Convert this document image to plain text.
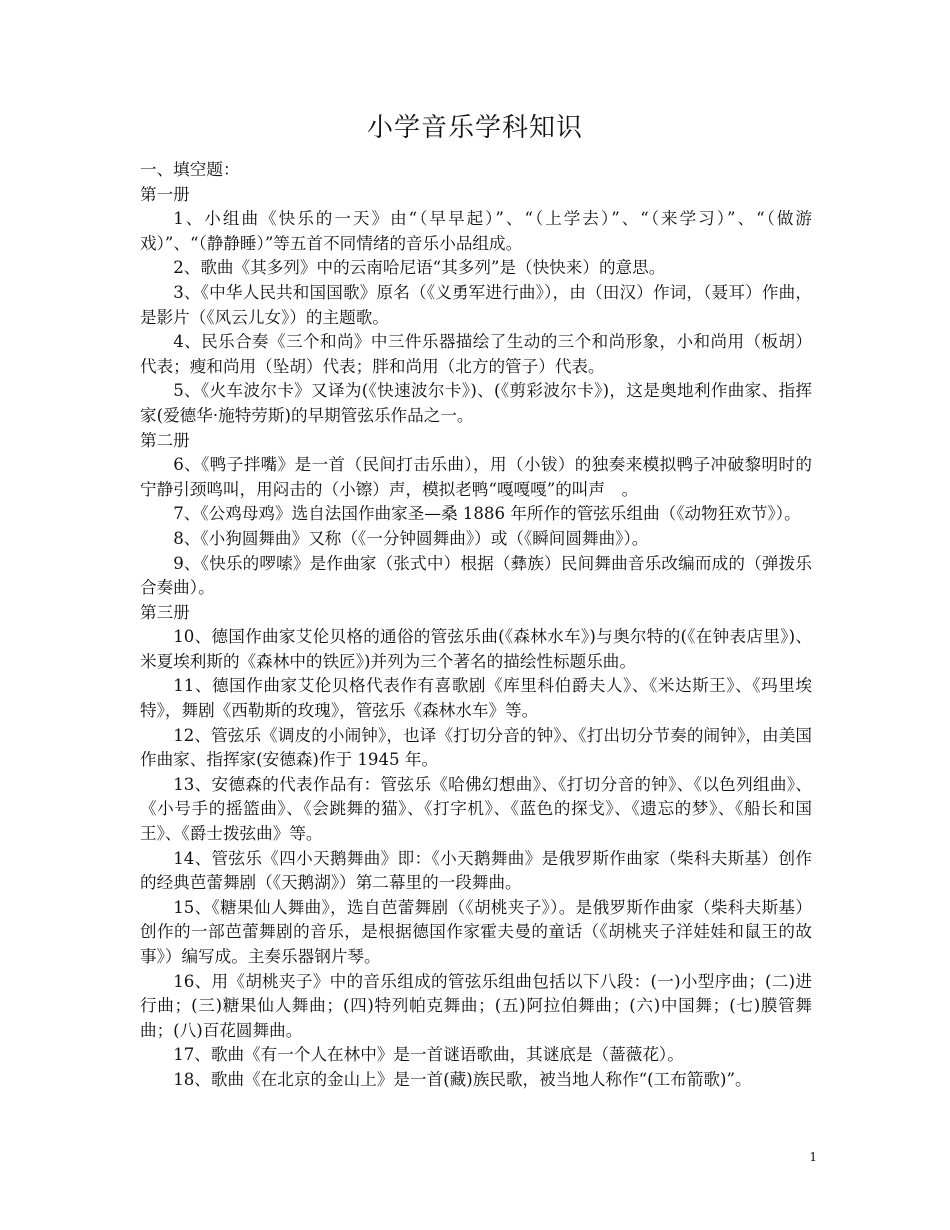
小学音乐学科知识

一、填空题：

第一册

1、小组曲《快乐的一天》由“（早早起）”、“（上学去）”、“（来学习）”、“（做游戏）”、“（静静睡）”等五首不同情绪的音乐小品组成。

2、歌曲《其多列》中的云南哈尼语“其多列”是（快快来）的意思。

3、《中华人民共和国国歌》原名（《义勇军进行曲》），由（田汉）作词，（聂耳）作曲，是影片（《风云儿女》）的主题歌。

4、民乐合奏《三个和尚》中三件乐器描绘了生动的三个和尚形象，小和尚用（板胡）代表；瘦和尚用（坠胡）代表；胖和尚用（北方的管子）代表。

5、《火车波尔卡》又译为(《快速波尔卡》)、(《剪彩波尔卡》)，这是奥地利作曲家、指挥家(爱德华·施特劳斯)的早期管弦乐作品之一。

第二册

6、《鸭子拌嘴》是一首（民间打击乐曲），用（小钹）的独奏来模拟鸭子冲破黎明时的宁静引颈鸣叫，用闷击的（小镲）声，模拟老鸭“嘎嘎嘎”的叫声　。

7、《公鸡母鸡》选自法国作曲家圣—桑 1886 年所作的管弦乐组曲（《动物狂欢节》）。

8、《小狗圆舞曲》又称（《一分钟圆舞曲》）或（《瞬间圆舞曲》）。

9、《快乐的啰嗦》是作曲家（张式中）根据（彝族）民间舞曲音乐改编而成的（弹拨乐合奏曲）。

第三册

10、德国作曲家艾伦贝格的通俗的管弦乐曲(《森林水车》)与奥尔特的(《在钟表店里》)、米夏埃利斯的《森林中的铁匠》)并列为三个著名的描绘性标题乐曲。

11、德国作曲家艾伦贝格代表作有喜歌剧《库里科伯爵夫人》、《米达斯王》、《玛里埃特》，舞剧《西勒斯的玫瑰》，管弦乐《森林水车》等。

12、管弦乐《调皮的小闹钟》，也译《打切分音的钟》、《打出切分节奏的闹钟》，由美国作曲家、指挥家(安德森)作于 1945 年。

13、安德森的代表作品有：管弦乐《哈佛幻想曲》、《打切分音的钟》、《以色列组曲》、《小号手的摇篮曲》、《会跳舞的猫》、《打字机》、《蓝色的探戈》、《遗忘的梦》、《船长和国王》、《爵士拨弦曲》等。

14、管弦乐《四小天鹅舞曲》即：《小天鹅舞曲》是俄罗斯作曲家（柴科夫斯基）创作的经典芭蕾舞剧（《天鹅湖》）第二幕里的一段舞曲。

15、《糖果仙人舞曲》，选自芭蕾舞剧（《胡桃夹子》）。是俄罗斯作曲家（柴科夫斯基）创作的一部芭蕾舞剧的音乐，是根据德国作家霍夫曼的童话（《胡桃夹子洋娃娃和鼠王的故事》）编写成。主奏乐器钢片琴。

16、用《胡桃夹子》中的音乐组成的管弦乐组曲包括以下八段：(一)小型序曲；(二)进行曲；(三)糖果仙人舞曲；(四)特列帕克舞曲；(五)阿拉伯舞曲；(六)中国舞；(七)膜管舞曲；(八)百花圆舞曲。

17、歌曲《有一个人在林中》是一首谜语歌曲，其谜底是（蔷薇花）。

18、歌曲《在北京的金山上》是一首(藏)族民歌，被当地人称作“(工布箭歌)”。

1
